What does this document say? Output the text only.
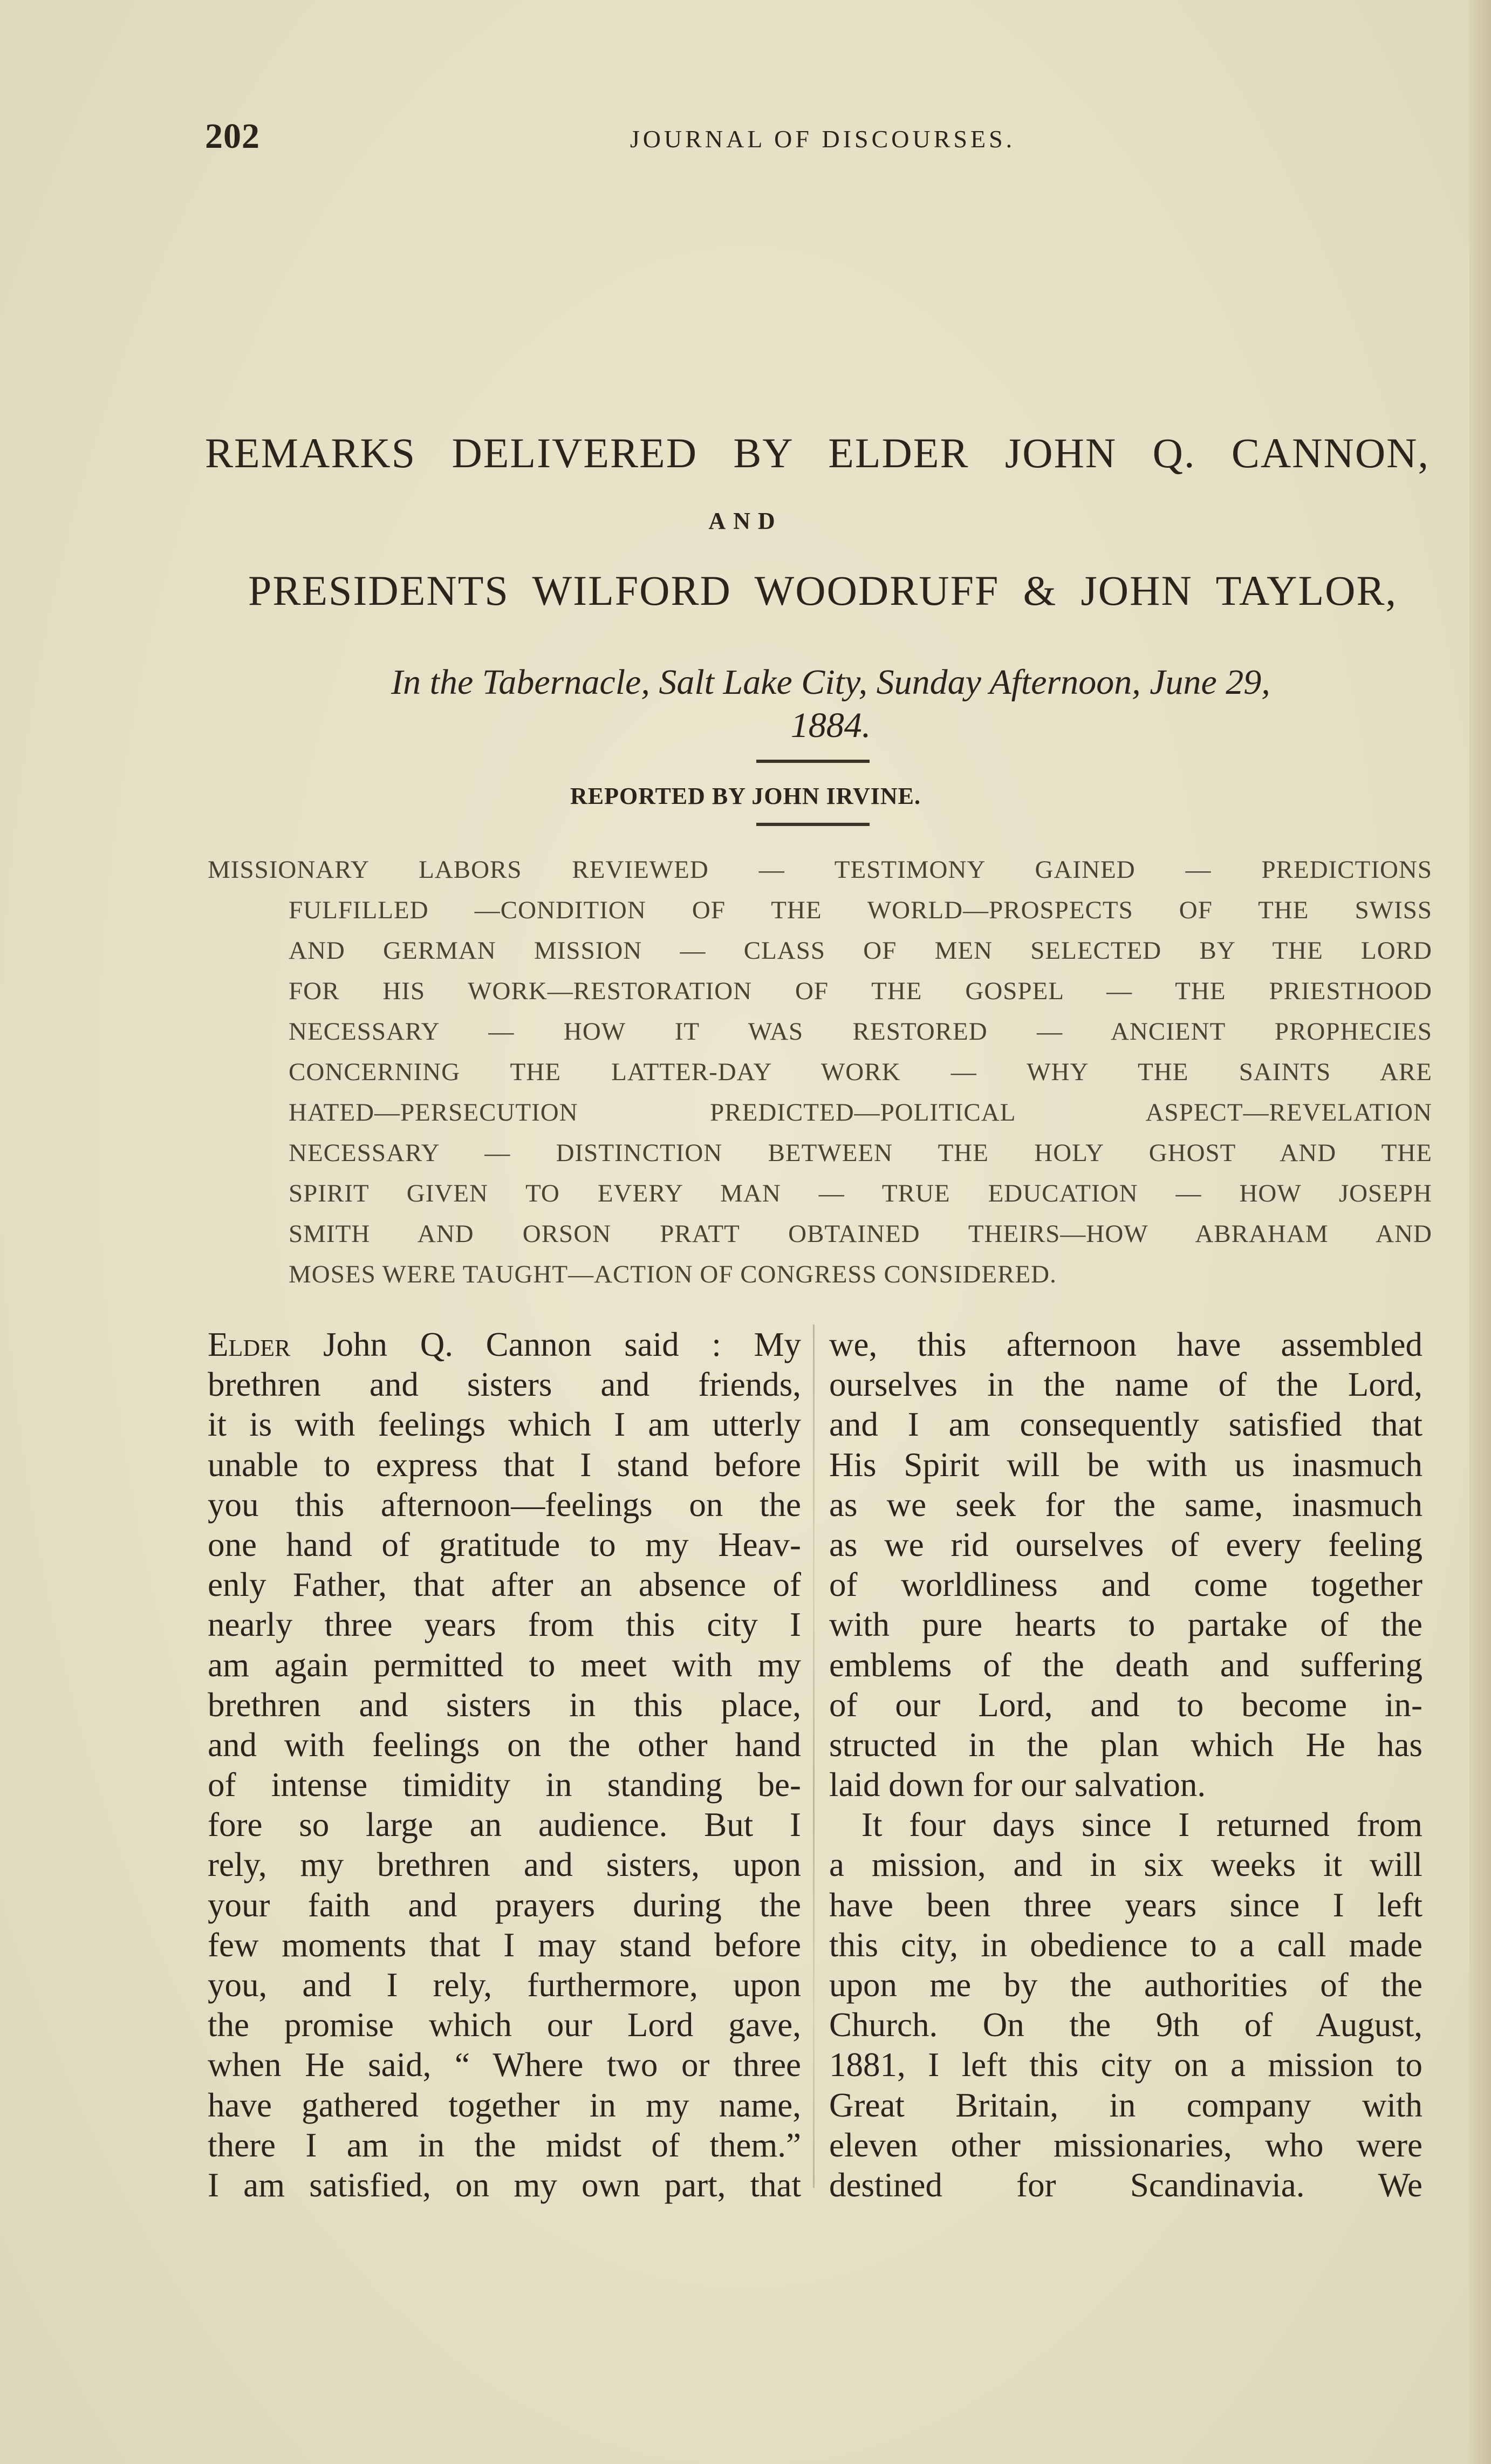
202	JOURNAL OF DISCOURSES.
REMARKS DELIVERED BY ELDER JOHN Q. CANNON,
AND
PRESIDENTS WILFORD WOODRUFF & JOHN TAYLOR,
In the Tabernacle, Salt Lake City, Sunday Afternoon, June 29,
1884.
REPORTED BY JOHN IRVINE.
MISSIONARY LABORS REVIEWED — TESTIMONY GAINED — PREDICTIONS
FULFILLED —CONDITION OF THE WORLD—PROSPECTS OF THE SWISS
AND GERMAN MISSION — CLASS OF MEN SELECTED BY THE LORD
FOR HIS WORK—RESTORATION OF THE GOSPEL — THE PRIESTHOOD
NECESSARY — HOW IT WAS RESTORED — ANCIENT PROPHECIES
CONCERNING THE LATTER-DAY WORK — WHY THE SAINTS ARE
HATED—PERSECUTION PREDICTED—POLITICAL ASPECT—REVELATION
NECESSARY — DISTINCTION BETWEEN THE HOLY GHOST AND THE
SPIRIT GIVEN TO EVERY MAN — TRUE EDUCATION — HOW JOSEPH
SMITH AND ORSON PRATT OBTAINED THEIRS—HOW ABRAHAM AND
MOSES WERE TAUGHT—ACTION OF CONGRESS CONSIDERED.
Elder John Q. Cannon said : My
brethren and sisters and friends,
it is with feelings which I am utterly
unable to express that I stand before
you this afternoon—feelings on the
one hand of gratitude to my Heav-
enly Father, that after an absence of
nearly three years from this city I
am again permitted to meet with my
brethren and sisters in this place,
and with feelings on the other hand
of intense timidity in standing be-
fore so large an audience. But I
rely, my brethren and sisters, upon
your faith and prayers during the
few moments that I may stand before
you, and I rely, furthermore, upon
the promise which our Lord gave,
when He said, “ Where two or three
have gathered together in my name,
there I am in the midst of them.”
I am satisfied, on my own part, that
we, this afternoon have assembled
ourselves in the name of the Lord,
and I am consequently satisfied that
His Spirit will be with us inasmuch
as we seek for the same, inasmuch
as we rid ourselves of every feeling
of worldliness and come together
with pure hearts to partake of the
emblems of the death and suffering
of our Lord, and to become in-
structed in the plan which He has
laid down for our salvation.
It four days since I returned from
a mission, and in six weeks it will
have been three years since I left
this city, in obedience to a call made
upon me by the authorities of the
Church. On the 9th of August,
1881, I left this city on a mission to
Great Britain, in company with
eleven other missionaries, who were
destined for Scandinavia. We
